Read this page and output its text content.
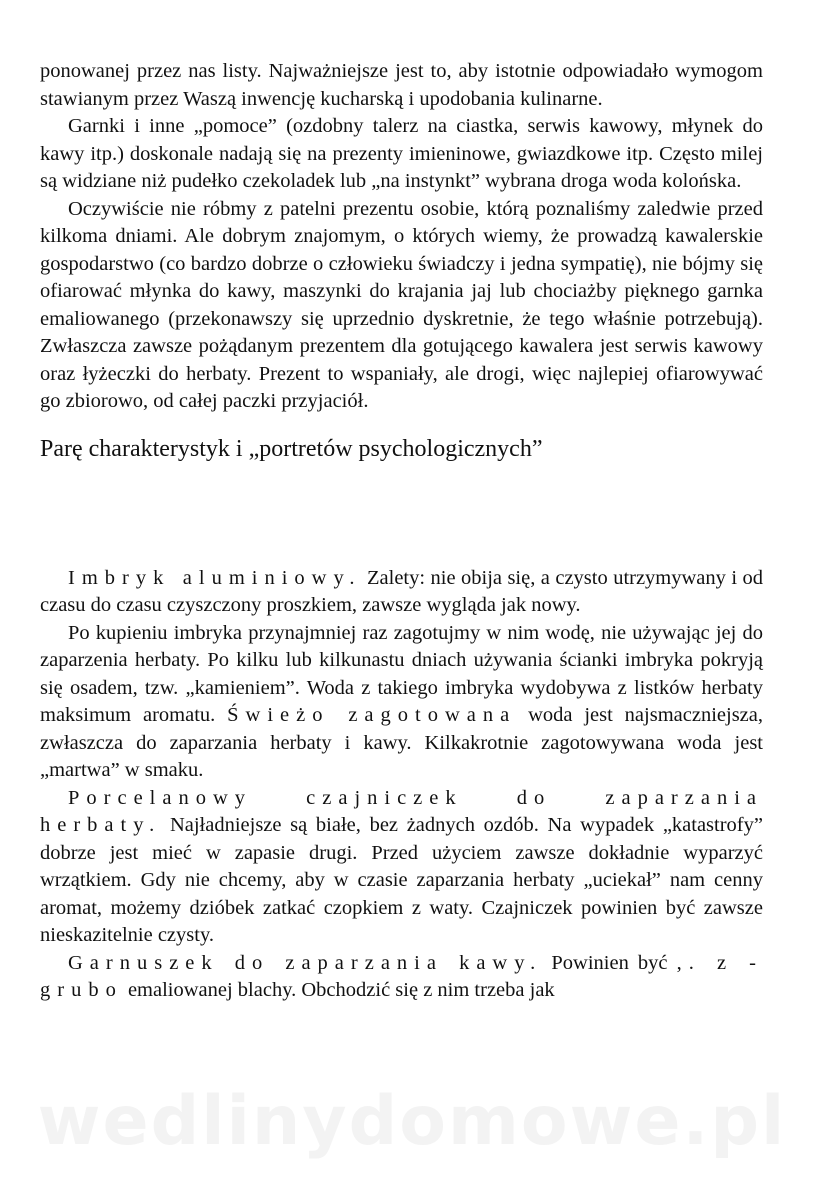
ponowanej przez nas listy. Najważniejsze jest to, aby istotnie odpowiadało wymogom stawianym przez Waszą inwencję kucharską i upodobania kulinarne.

Garnki i inne „pomoce” (ozdobny talerz na ciastka, serwis kawowy, młynek do kawy itp.) doskonale nadają się na prezenty imieninowe, gwiazdkowe itp. Często milej są widziane niż pudełko czekoladek lub „na instynkt” wybrana droga woda kolońska.

Oczywiście nie róbmy z patelni prezentu osobie, którą poznaliśmy zaledwie przed kilkoma dniami. Ale dobrym znajomym, o których wiemy, że prowadzą kawalerskie gospodarstwo (co bardzo dobrze o człowieku świadczy i jedna sympatię), nie bójmy się ofiarować młynka do kawy, maszynki do krajania jaj lub chociażby pięknego garnka emaliowanego (przekonawszy się uprzednio dyskretnie, że tego właśnie potrzebują). Zwłaszcza zawsze pożądanym prezentem dla gotującego kawalera jest serwis kawowy oraz łyżeczki do herbaty. Prezent to wspaniały, ale drogi, więc najlepiej ofiarowywać go zbiorowo, od całej paczki przyjaciół.

Parę charakterystyk i „portretów psychologicznych”

Imbryk aluminiowy. Zalety: nie obija się, a czysto utrzymywany i od czasu do czasu czyszczony proszkiem, zawsze wygląda jak nowy.

Po kupieniu imbryka przynajmniej raz zagotujmy w nim wodę, nie używając jej do zaparzenia herbaty. Po kilku lub kilkunastu dniach używania ścianki imbryka pokryją się osadem, tzw. „kamieniem”. Woda z takiego imbryka wydobywa z listków herbaty maksimum aromatu. Świeżo zagotowana woda jest najsmaczniejsza, zwłaszcza do zaparzania herbaty i kawy. Kilkakrotnie zagotowywana woda jest „martwa” w smaku.

Porcelanowy czajniczek do zaparzania herbaty. Najładniejsze są białe, bez żadnych ozdób. Na wypadek „katastrofy” dobrze jest mieć w zapasie drugi. Przed użyciem zawsze dokładnie wyparzyć wrzątkiem. Gdy nie chcemy, aby w czasie zaparzania herbaty „uciekał” nam cenny aromat, możemy dzióbek zatkać czopkiem z waty. Czajniczek powinien być zawsze nieskazitelnie czysty.

Garnuszek do zaparzania kawy. Powinien być ,. z -grubo emaliowanej blachy. Obchodzić się z nim trzeba jak

wedlinydomowe.pl
